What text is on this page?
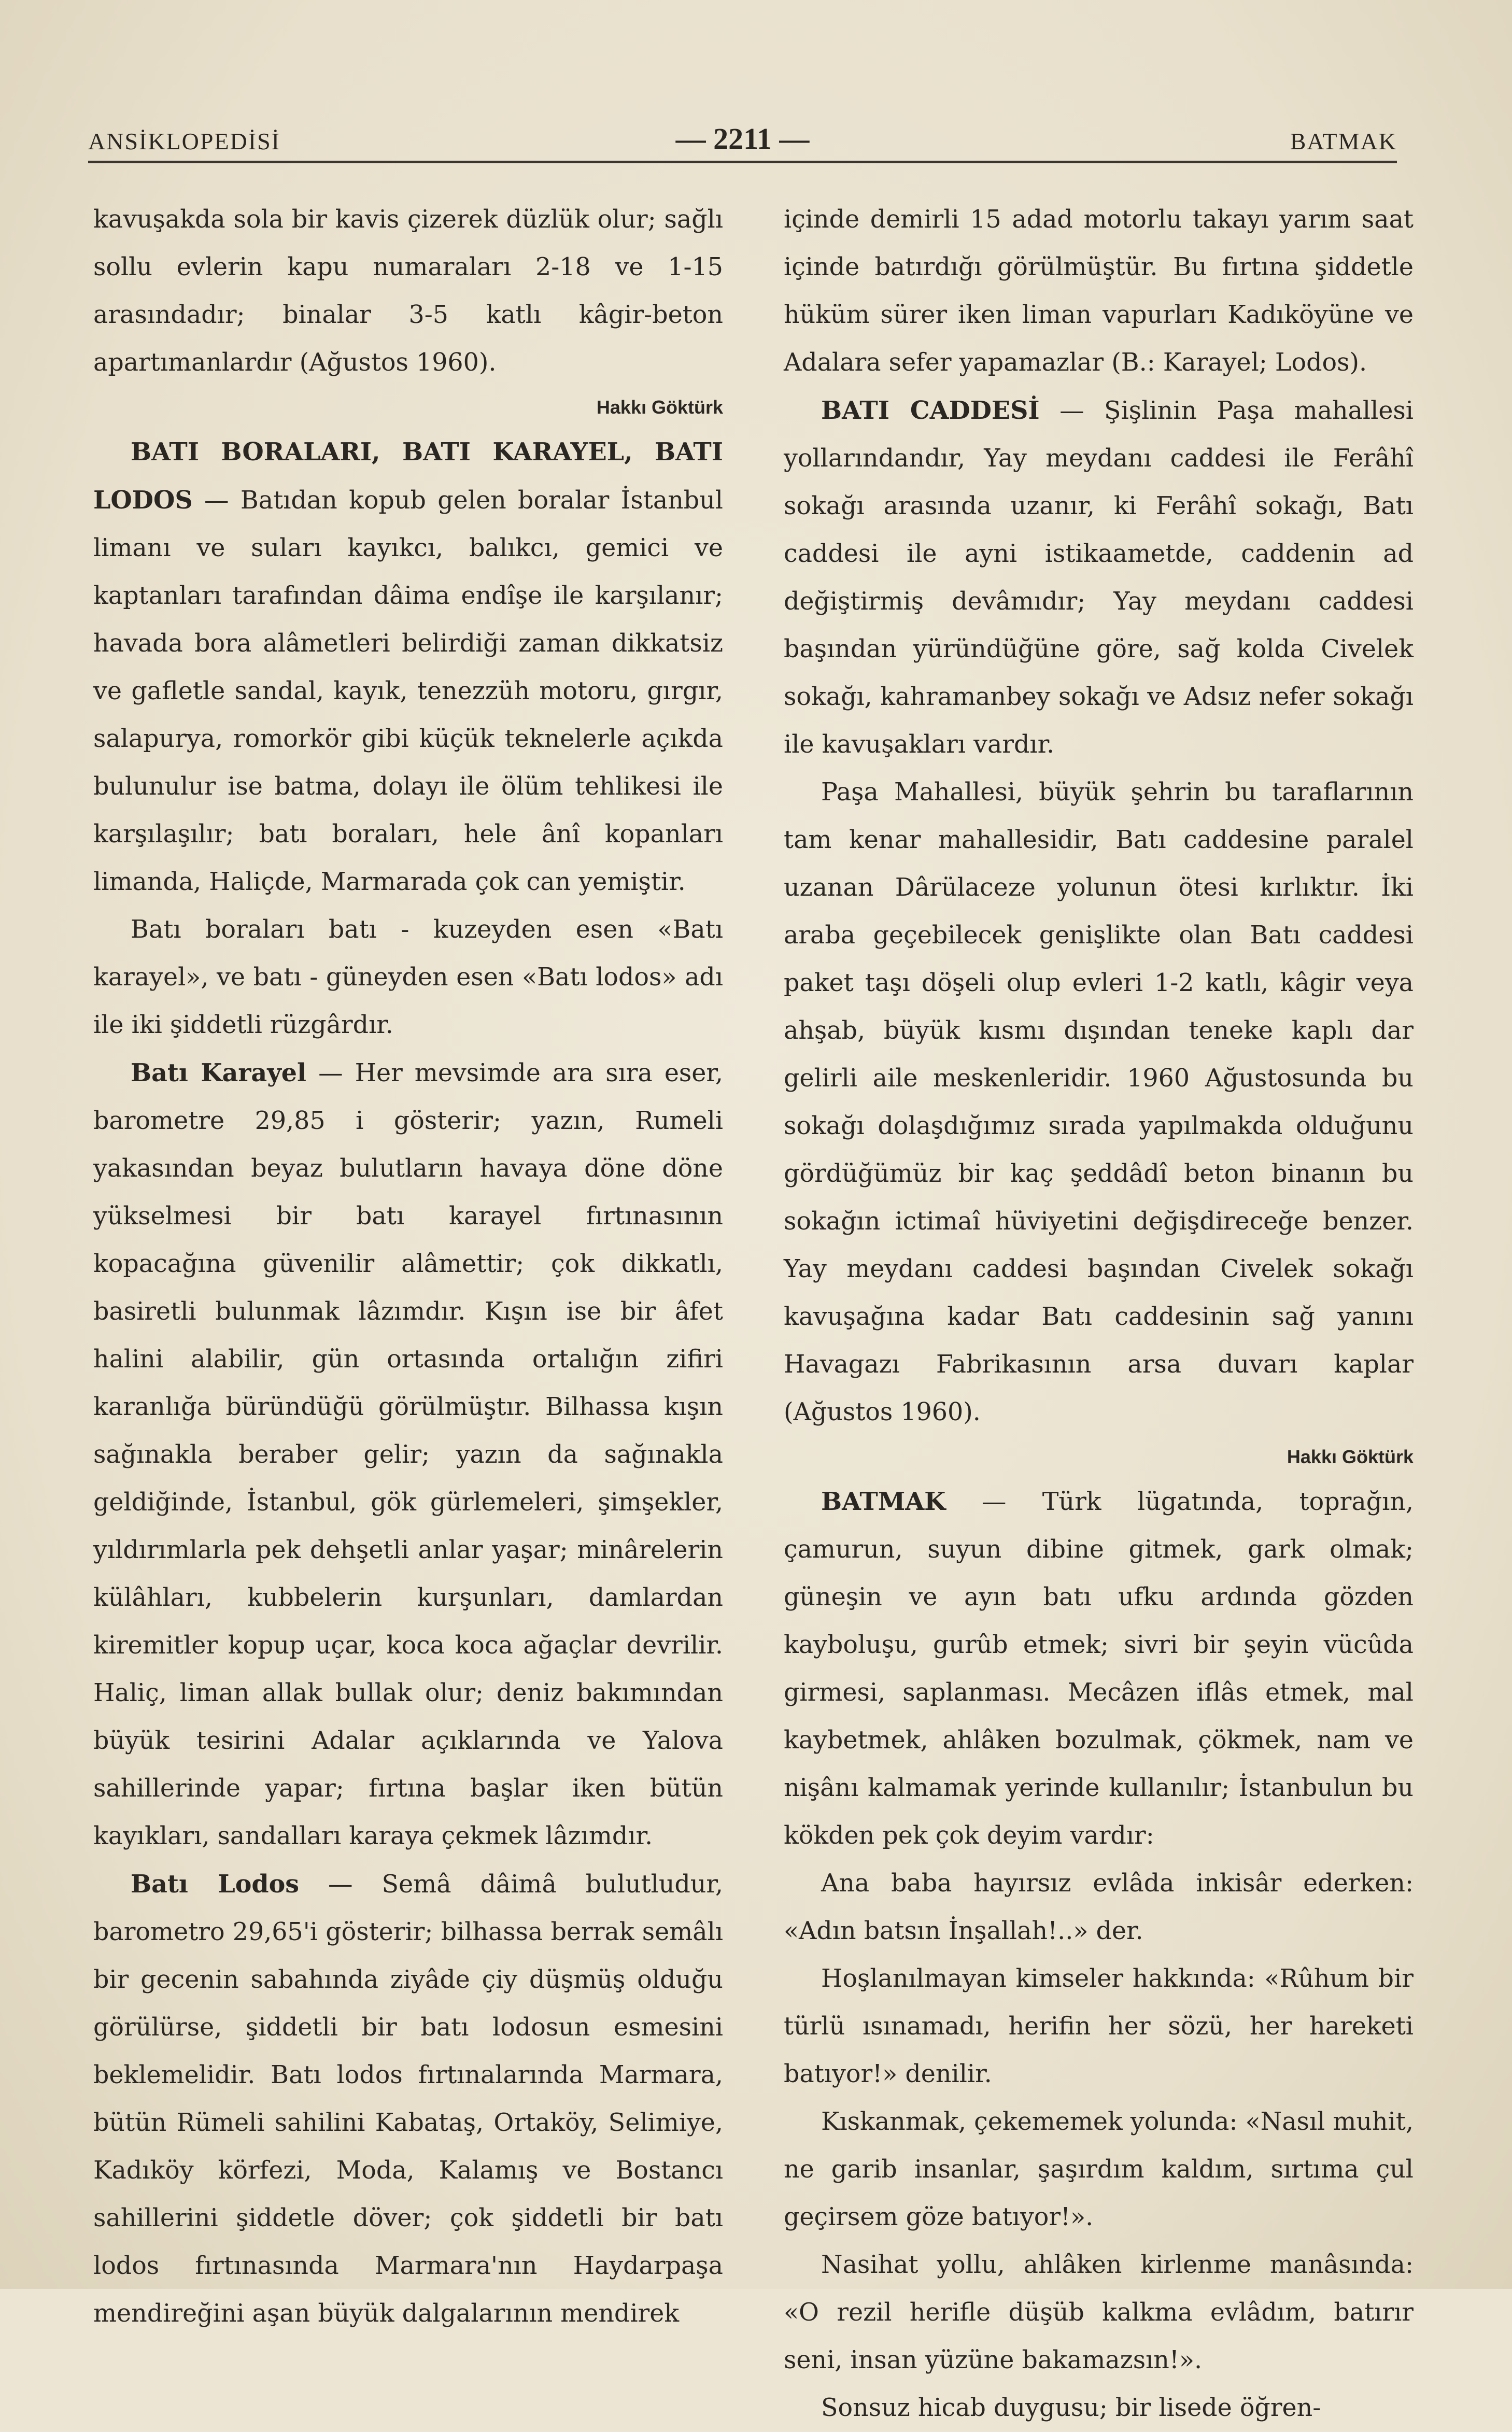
ANSİKLOPEDİSİ	— 2211 —	BATMAK

kavuşakda sola bir kavis çizerek düzlük olur; sağlı sollu evlerin kapu numaraları 2-18 ve 1-15 arasındadır; binalar 3-5 katlı kâgir-beton apartımanlardır (Ağustos 1960).

Hakkı Göktürk

BATI BORALARI, BATI KARAYEL, BATI LODOS — Batıdan kopub gelen boralar İstanbul limanı ve suları kayıkcı, balıkcı, gemici ve kaptanları tarafından dâima endîşe ile karşılanır; havada bora alâmetleri belirdiği zaman dikkatsiz ve gafletle sandal, kayık, tenezzüh motoru, gırgır, salapurya, romorkör gibi küçük teknelerle açıkda bulunulur ise batma, dolayı ile ölüm tehlikesi ile karşılaşılır; batı boraları, hele ânî kopanları limanda, Haliçde, Marmarada çok can yemiştir.

Batı boraları batı - kuzeyden esen «Batı karayel», ve batı - güneyden esen «Batı lodos» adı ile iki şiddetli rüzgârdır.

Batı Karayel — Her mevsimde ara sıra eser, barometre 29,85 i gösterir; yazın, Rumeli yakasından beyaz bulutların havaya döne döne yükselmesi bir batı karayel fırtınasının kopacağına güvenilir alâmettir; çok dikkatlı, basiretli bulunmak lâzımdır. Kışın ise bir âfet halini alabilir, gün ortasında ortalığın zifiri karanlığa büründüğü görülmüştır. Bilhassa kışın sağınakla beraber gelir; yazın da sağınakla geldiğinde, İstanbul, gök gürlemeleri, şimşekler, yıldırımlarla pek dehşetli anlar yaşar; minârelerin külâhları, kubbelerin kurşunları, damlardan kiremitler kopup uçar, koca koca ağaçlar devrilir. Haliç, liman allak bullak olur; deniz bakımından büyük tesirini Adalar açıklarında ve Yalova sahillerinde yapar; fırtına başlar iken bütün kayıkları, sandalları karaya çekmek lâzımdır.

Batı Lodos — Semâ dâimâ bulutludur, barometro 29,65'i gösterir; bilhassa berrak semâlı bir gecenin sabahında ziyâde çiy düşmüş olduğu görülürse, şiddetli bir batı lodosun esmesini beklemelidir. Batı lodos fırtınalarında Marmara, bütün Rümeli sahilini Kabataş, Ortaköy, Selimiye, Kadıköy körfezi, Moda, Kalamış ve Bostancı sahillerini şiddetle döver; çok şiddetli bir batı lodos fırtınasında Marmara'nın Haydarpaşa mendireğini aşan büyük dalgalarının mendirek

içinde demirli 15 adad motorlu takayı yarım saat içinde batırdığı görülmüştür. Bu fırtına şiddetle hüküm sürer iken liman vapurları Kadıköyüne ve Adalara sefer yapamazlar (B.: Karayel; Lodos).

BATI CADDESİ — Şişlinin Paşa mahallesi yollarındandır, Yay meydanı caddesi ile Ferâhî sokağı arasında uzanır, ki Ferâhî sokağı, Batı caddesi ile ayni istikaametde, caddenin ad değiştirmiş devâmıdır; Yay meydanı caddesi başından yüründüğüne göre, sağ kolda Civelek sokağı, kahramanbey sokağı ve Adsız nefer sokağı ile kavuşakları vardır.

Paşa Mahallesi, büyük şehrin bu taraflarının tam kenar mahallesidir, Batı caddesine paralel uzanan Dârülaceze yolunun ötesi kırlıktır. İki araba geçebilecek genişlikte olan Batı caddesi paket taşı döşeli olup evleri 1-2 katlı, kâgir veya ahşab, büyük kısmı dışından teneke kaplı dar gelirli aile meskenleridir. 1960 Ağustosunda bu sokağı dolaşdığımız sırada yapılmakda olduğunu gördüğümüz bir kaç şeddâdî beton binanın bu sokağın ictimaî hüviyetini değişdireceğe benzer. Yay meydanı caddesi başından Civelek sokağı kavuşağına kadar Batı caddesinin sağ yanını Havagazı Fabrikasının arsa duvarı kaplar (Ağustos 1960).

Hakkı Göktürk

BATMAK — Türk lügatında, toprağın, çamurun, suyun dibine gitmek, gark olmak; güneşin ve ayın batı ufku ardında gözden kayboluşu, gurûb etmek; sivri bir şeyin vücûda girmesi, saplanması. Mecâzen iflâs etmek, mal kaybetmek, ahlâken bozulmak, çökmek, nam ve nişânı kalmamak yerinde kullanılır; İstanbulun bu kökden pek çok deyim vardır:

Ana baba hayırsız evlâda inkisâr ederken: «Adın batsın İnşallah!..» der.

Hoşlanılmayan kimseler hakkında: «Rûhum bir türlü ısınamadı, herifin her sözü, her hareketi batıyor!» denilir.

Kıskanmak, çekememek yolunda: «Nasıl muhit, ne garib insanlar, şaşırdım kaldım, sırtıma çul geçirsem göze batıyor!».

Nasihat yollu, ahlâken kirlenme manâsında: «O rezil herifle düşüb kalkma evlâdım, batırır seni, insan yüzüne bakamazsın!».

Sonsuz hicab duygusu; bir lisede öğren-
